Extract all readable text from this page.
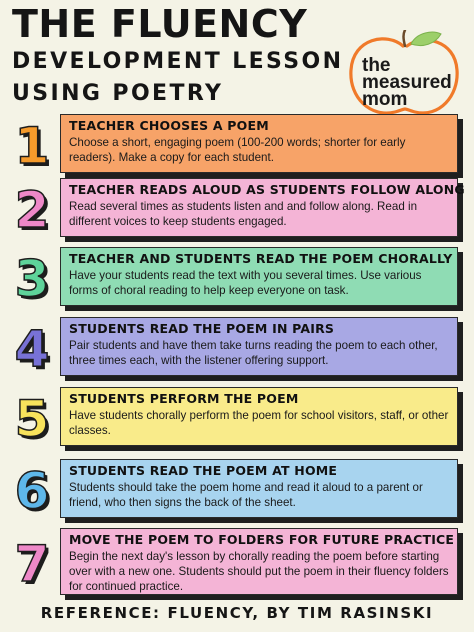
THE FLUENCY
DEVELOPMENT LESSON
USING POETRY
the
measured
mom
1	TEACHER CHOOSES A POEM
Choose a short, engaging poem (100-200 words; shorter for early readers). Make a copy for each student.
2	TEACHER READS ALOUD AS STUDENTS FOLLOW ALONG
Read several times as students listen and and follow along. Read in different voices to keep students engaged.
3	TEACHER AND STUDENTS READ THE POEM CHORALLY
Have your students read the text with you several times. Use various forms of choral reading to help keep everyone on task.
4	STUDENTS READ THE POEM IN PAIRS
Pair students and have them take turns reading the poem to each other, three times each, with the listener offering support.
5	STUDENTS PERFORM THE POEM
Have students chorally perform the poem for school visitors, staff, or other classes.
6	STUDENTS READ THE POEM AT HOME
Students should take the poem home and read it aloud to a parent or friend, who then signs the back of the sheet.
7	MOVE THE POEM TO FOLDERS FOR FUTURE PRACTICE
Begin the next day's lesson by chorally reading the poem before starting over with a new one. Students should put the poem in their fluency folders for continued practice.
REFERENCE: FLUENCY, BY TIM RASINSKI
